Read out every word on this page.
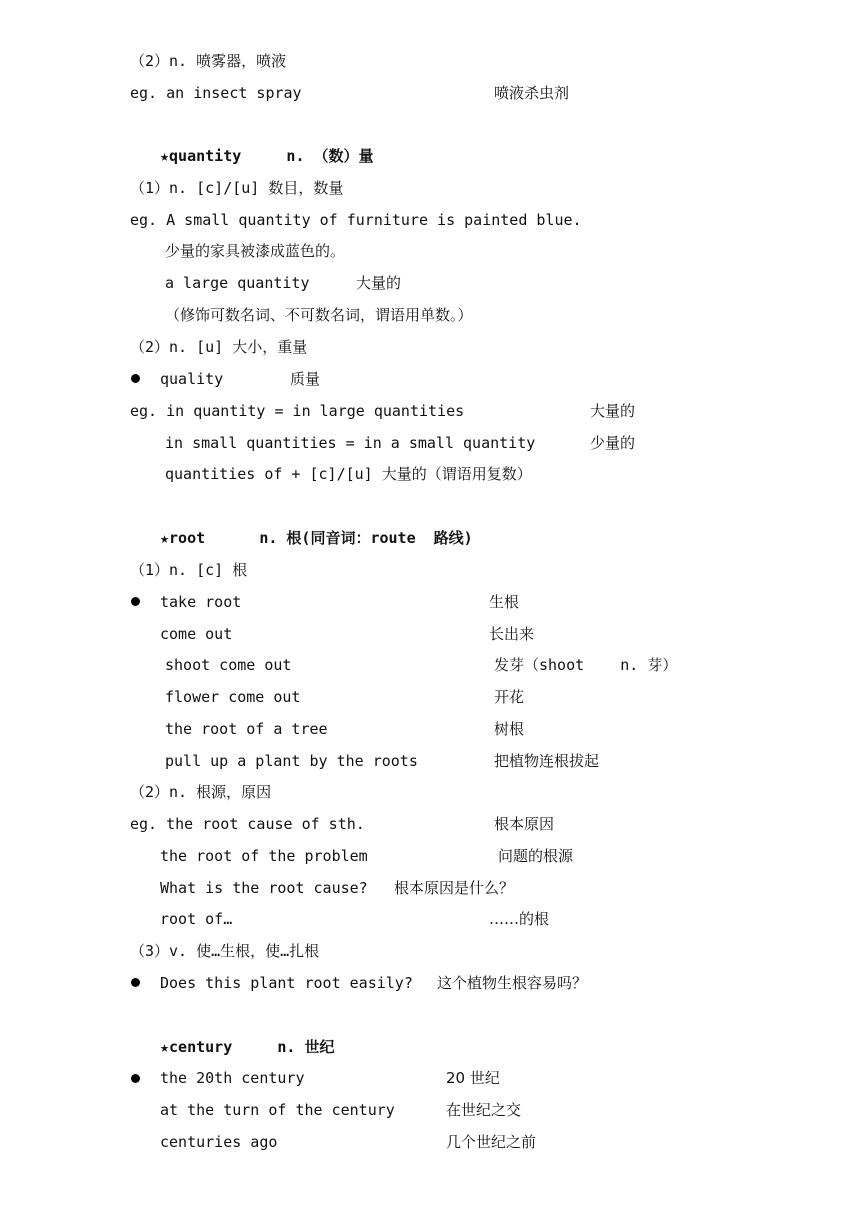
（2）n. 喷雾器，喷液
eg. an insect spray	喷液杀虫剂
★quantity     n. （数）量
（1）n. [c]/[u] 数目，数量
eg. A small quantity of furniture is painted blue.
少量的家具被漆成蓝色的。
a large quantity	大量的
（修饰可数名词、不可数名词，谓语用单数。）
（2）n. [u] 大小，重量
quality	质量
eg. in quantity = in large quantities	大量的
in small quantities = in a small quantity	少量的
quantities of + [c]/[u] 大量的（谓语用复数）
★root      n. 根(同音词：route  路线)
（1）n. [c] 根
take root	生根
come out	长出来
shoot come out	发芽（shoot    n. 芽）
flower come out	开花
the root of a tree	树根
pull up a plant by the roots	把植物连根拔起
（2）n. 根源，原因
eg. the root cause of sth.	根本原因
the root of the problem	问题的根源
What is the root cause? 根本原因是什么？
root of…	……的根
（3）v. 使…生根，使…扎根
Does this plant root easily? 这个植物生根容易吗？
★century     n. 世纪
the 20th century	20 世纪
at the turn of the century	在世纪之交
centuries ago	几个世纪之前
